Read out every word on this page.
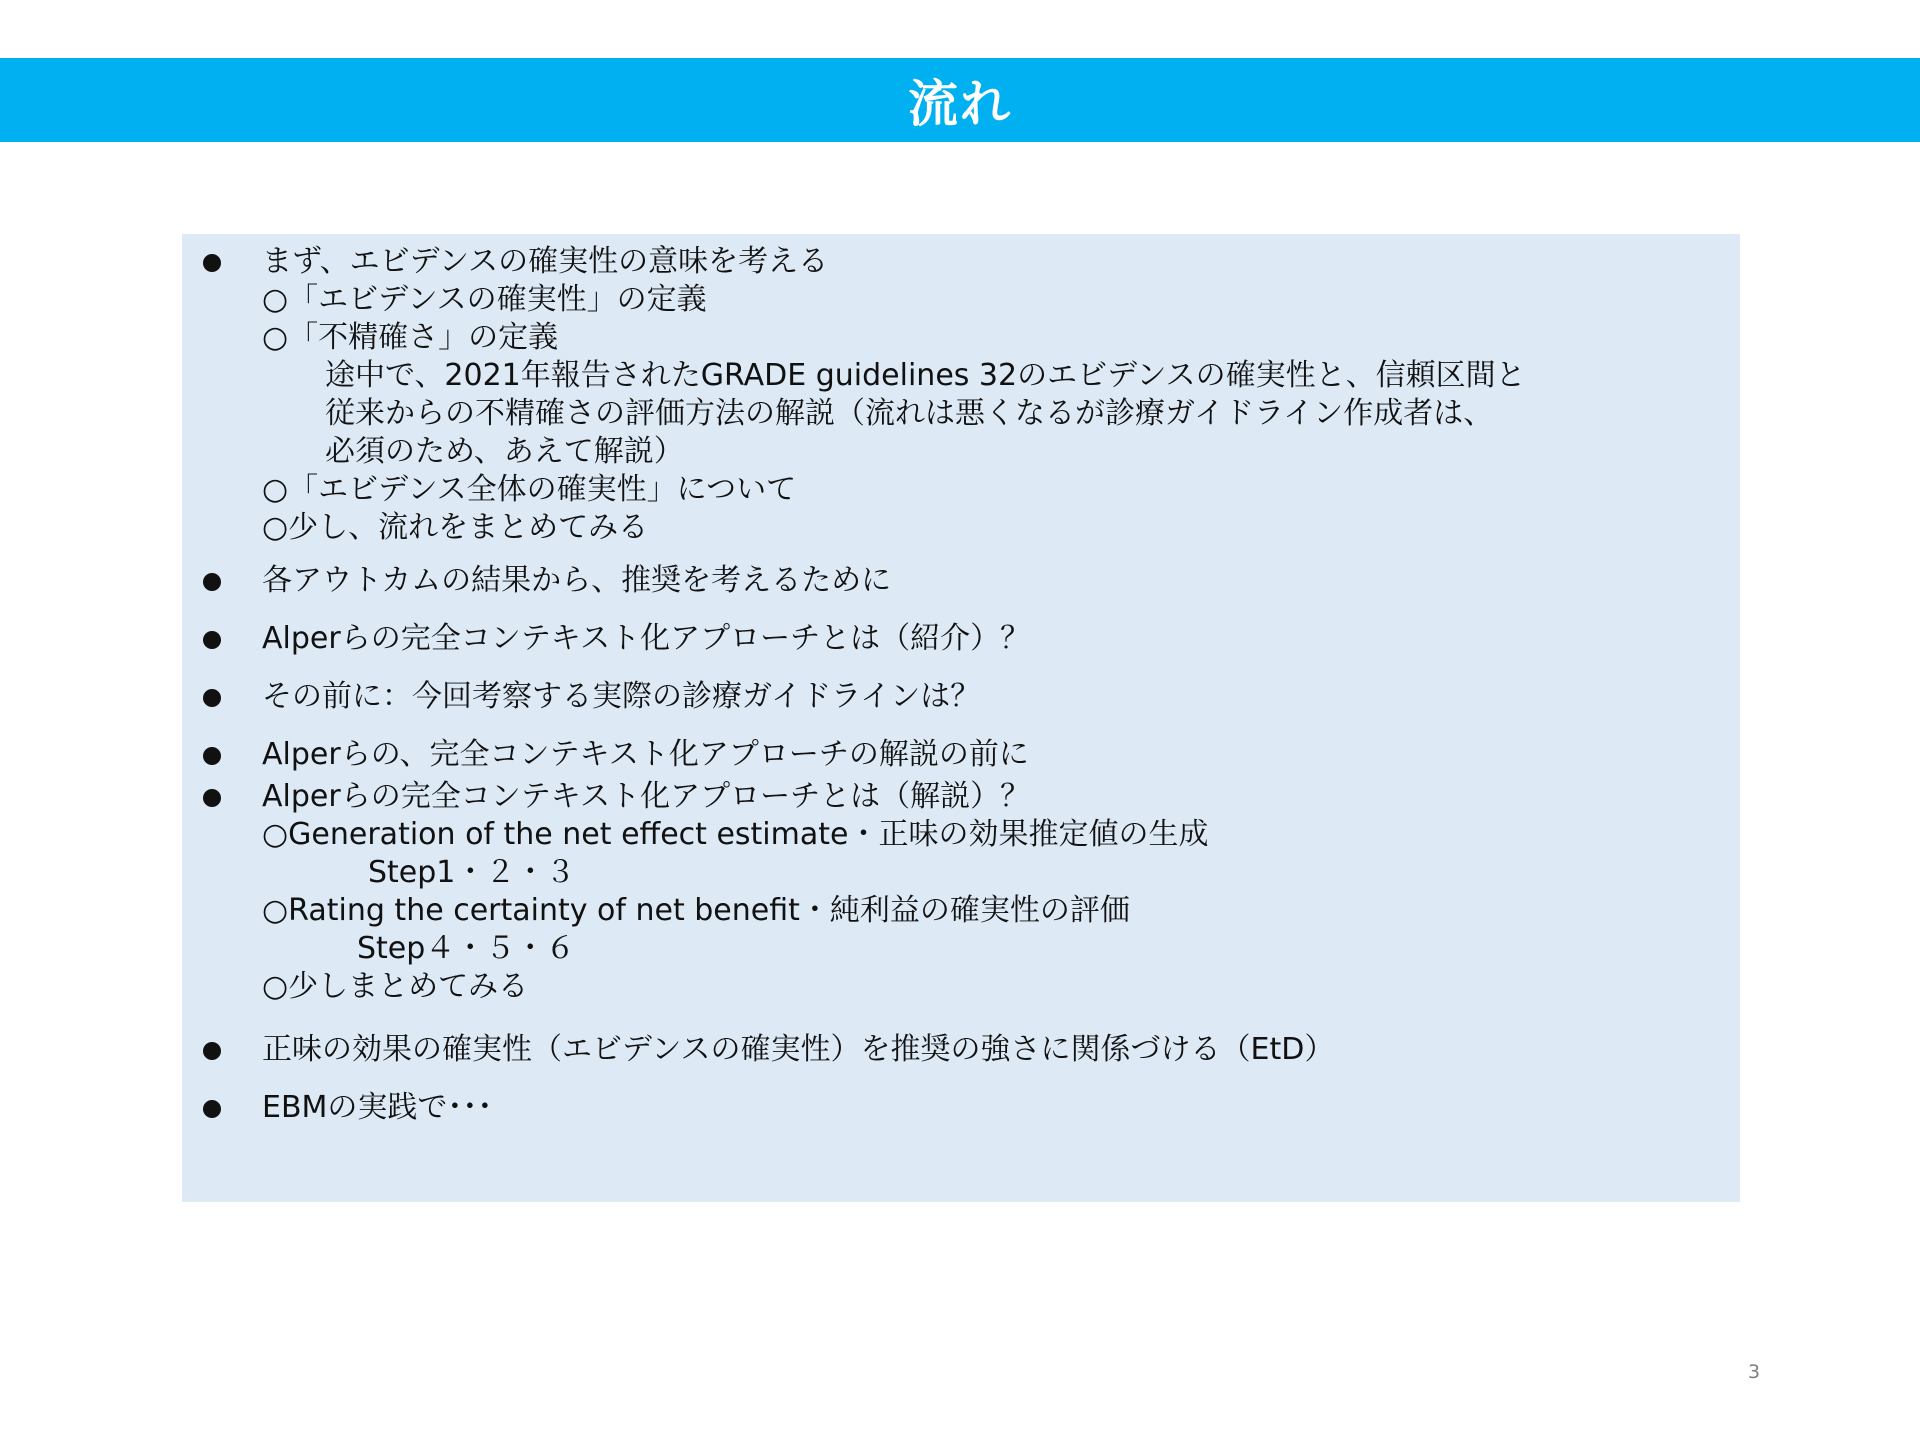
流れ
まず、エビデンスの確実性の意味を考える
○「エビデンスの確実性」の定義
○「不精確さ」の定義
途中で、2021年報告されたGRADE guidelines 32のエビデンスの確実性と、信頼区間と
従来からの不精確さの評価方法の解説（流れは悪くなるが診療ガイドライン作成者は、
必須のため、あえて解説）
○「エビデンス全体の確実性」について
○少し、流れをまとめてみる
各アウトカムの結果から、推奨を考えるために
Alperらの完全コンテキスト化アプローチとは（紹介）？
その前に：今回考察する実際の診療ガイドラインは？
Alperらの、完全コンテキスト化アプローチの解説の前に
Alperらの完全コンテキスト化アプローチとは（解説）？
○Generation of the net effect estimate・正味の効果推定値の生成
Step1・２・３
○Rating the certainty of net benefit・純利益の確実性の評価
Step４・５・６
○少しまとめてみる
正味の効果の確実性（エビデンスの確実性）を推奨の強さに関係づける（EtD）
EBMの実践で･･･
3
